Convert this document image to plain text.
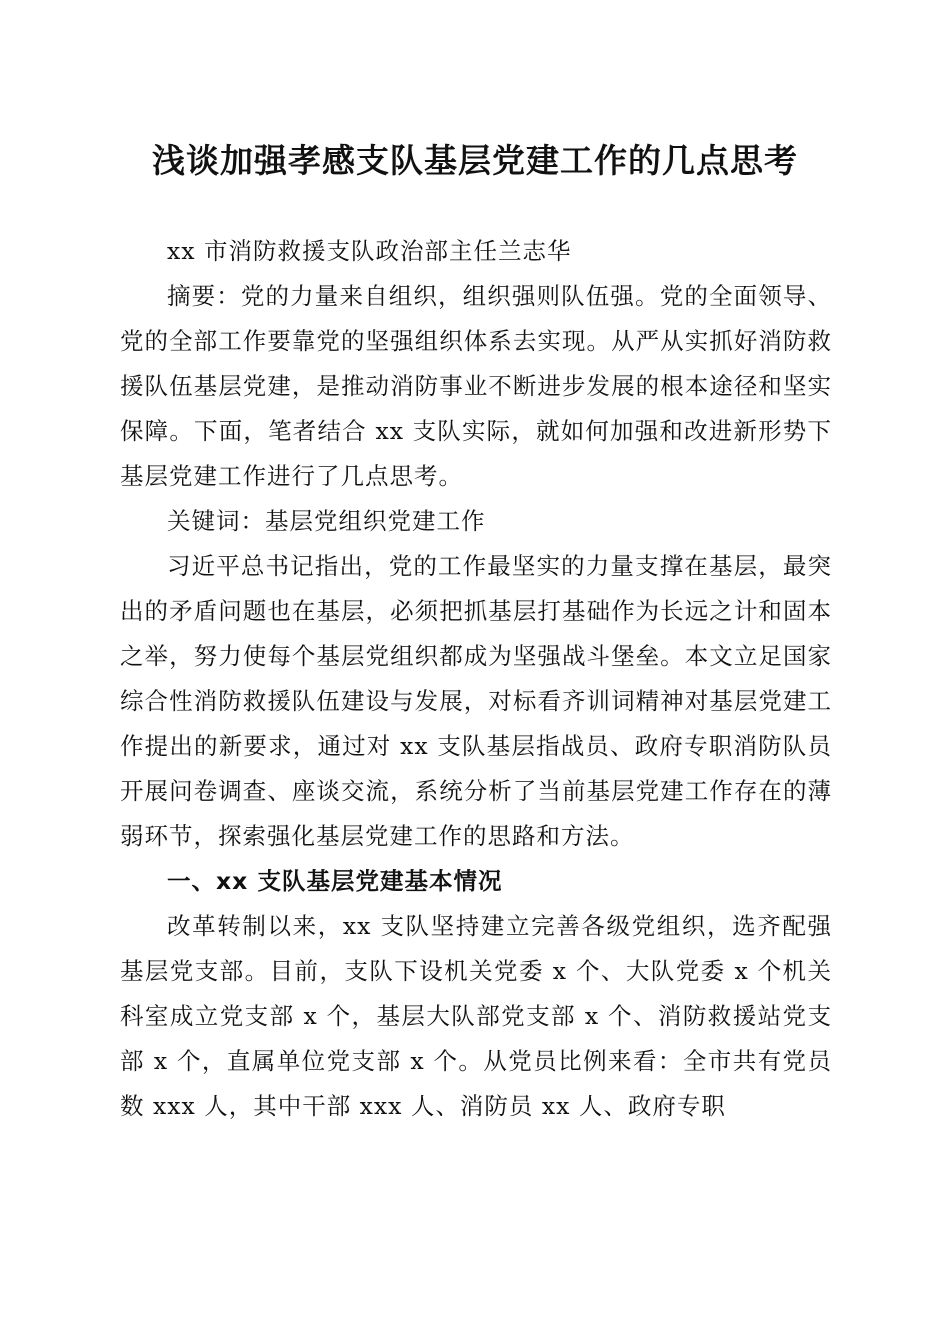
浅谈加强孝感支队基层党建工作的几点思考

xx 市消防救援支队政治部主任兰志华

摘要：党的力量来自组织，组织强则队伍强。党的全面领导、党的全部工作要靠党的坚强组织体系去实现。从严从实抓好消防救援队伍基层党建，是推动消防事业不断进步发展的根本途径和坚实保障。下面，笔者结合 xx 支队实际，就如何加强和改进新形势下基层党建工作进行了几点思考。

关键词：基层党组织党建工作

习近平总书记指出，党的工作最坚实的力量支撑在基层，最突出的矛盾问题也在基层，必须把抓基层打基础作为长远之计和固本之举，努力使每个基层党组织都成为坚强战斗堡垒。本文立足国家综合性消防救援队伍建设与发展，对标看齐训词精神对基层党建工作提出的新要求，通过对 xx 支队基层指战员、政府专职消防队员开展问卷调查、座谈交流，系统分析了当前基层党建工作存在的薄弱环节，探索强化基层党建工作的思路和方法。

一、xx 支队基层党建基本情况

改革转制以来，xx 支队坚持建立完善各级党组织，选齐配强基层党支部。目前，支队下设机关党委 x 个、大队党委 x 个机关科室成立党支部 x 个，基层大队部党支部 x 个、消防救援站党支部 x 个，直属单位党支部 x 个。从党员比例来看：全市共有党员数 xxx 人，其中干部 xxx 人、消防员 xx 人、政府专职
